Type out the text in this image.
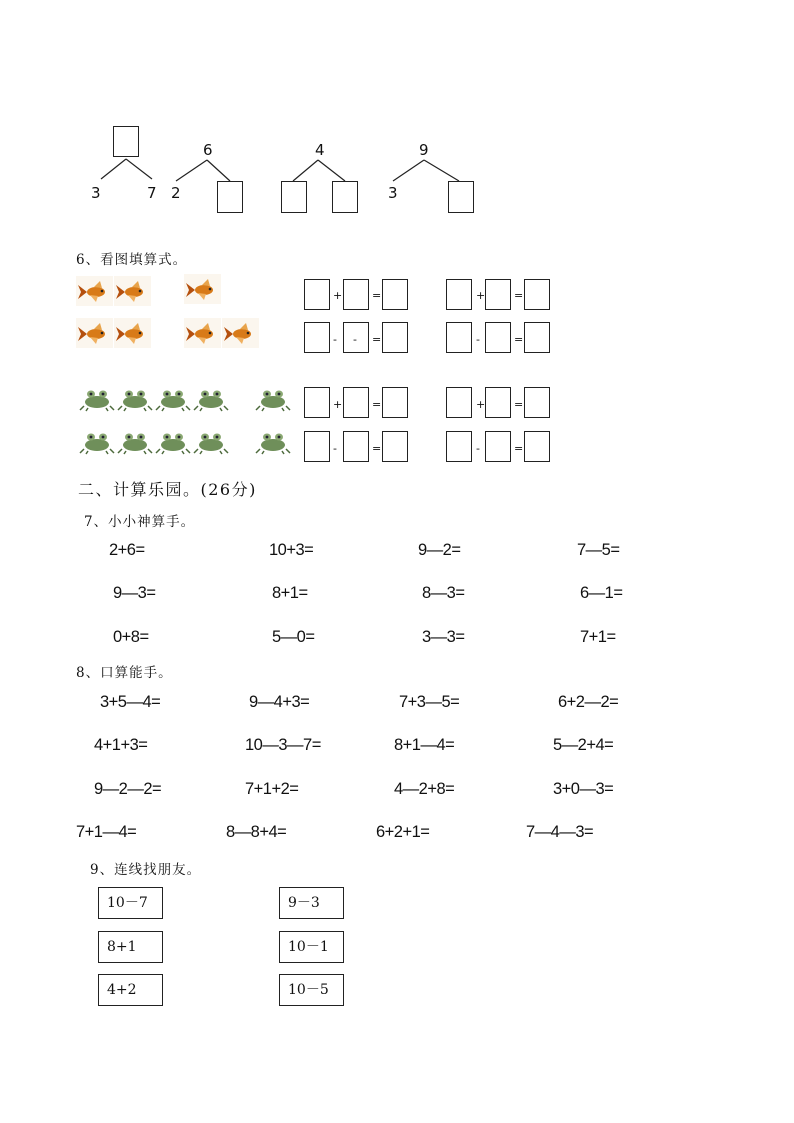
3	7
6
2
4	9
3
6、看图填算式。
+	=	+	=
- - =	-	=
+	=	+	=
-	=	-	=
二、计算乐园。(26分)
7、小小神算手。
2+6=	10+3=	9—2=	7—5=
9—3=	8+1=	8—3=	6—1=
0+8=	5—0=	3—3=	7+1=
8、口算能手。
3+5—4=	9—4+3=	7+3—5=	6+2—2=
4+1+3=	10—3—7=	8+1—4=	5—2+4=
9—2—2=	7+1+2=	4—2+8=	3+0—3=
7+1—4=	8—8+4=	6+2+1=	7—4—3=
9、连线找朋友。
10－7
8+1
4+2
9－3
10－1
10－5
